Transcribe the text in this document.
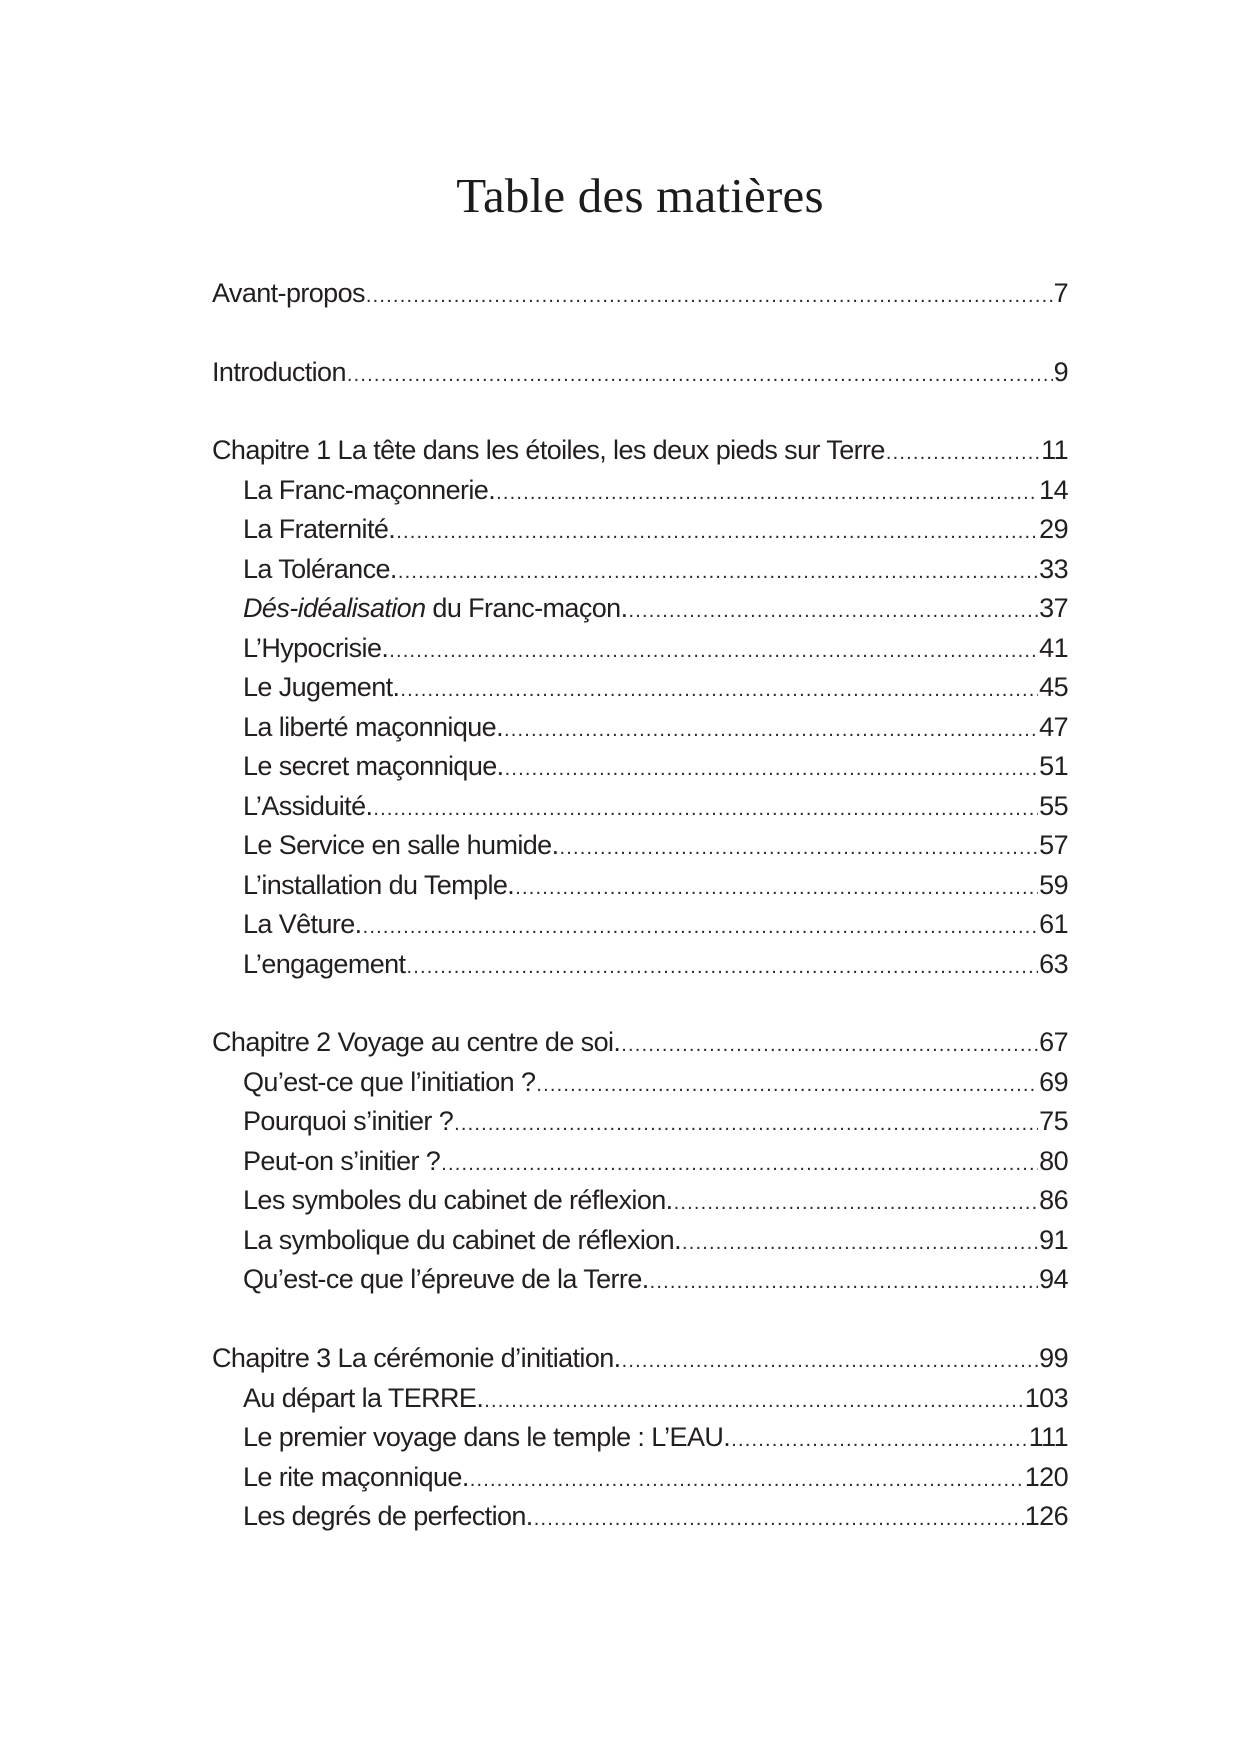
Table des matières
Avant-propos .....	7
Introduction .....	9
Chapitre 1 La tête dans les étoiles, les deux pieds sur Terre .....	11
La Franc-maçonnerie. .....	14
La Fraternité. .....	29
La Tolérance. .....	33
Dés-idéalisation du Franc-maçon. .....	37
L’Hypocrisie. .....	41
Le Jugement. .....	45
La liberté maçonnique. .....	47
Le secret maçonnique. .....	51
L’Assiduité. .....	55
Le Service en salle humide. .....	57
L’installation du Temple. .....	59
La Vêture. .....	61
L’engagement .....	63
Chapitre 2 Voyage au centre de soi. .....	67
Qu’est-ce que l’initiation ? .....	69
Pourquoi s’initier ? .....	75
Peut-on s’initier ? .....	80
Les symboles du cabinet de réflexion. .....	86
La symbolique du cabinet de réflexion. .....	91
Qu’est-ce que l’épreuve de la Terre. .....	94
Chapitre 3 La cérémonie d’initiation. .....	99
Au départ la TERRE. .....	103
Le premier voyage dans le temple : L’EAU. .....	111
Le rite maçonnique. .....	120
Les degrés de perfection. .....	126
